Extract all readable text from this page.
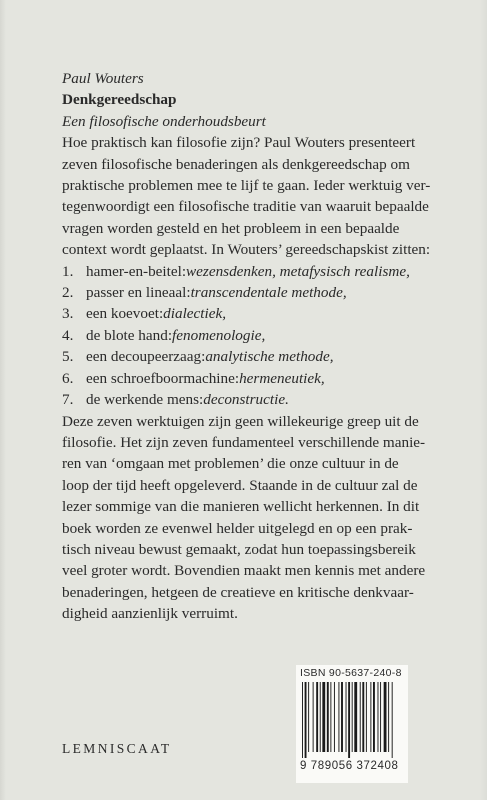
Paul Wouters
Denkgereedschap
Een filosofische onderhoudsbeurt
Hoe praktisch kan filosofie zijn? Paul Wouters presenteert
zeven filosofische benaderingen als denkgereedschap om
praktische problemen mee te lijf te gaan. Ieder werktuig ver-
tegenwoordigt een filosofische traditie van waaruit bepaalde
vragen worden gesteld en het probleem in een bepaalde
context wordt geplaatst. In Wouters’ gereedschapskist zitten:
1. hamer-en-beitel: wezensdenken, metafysisch realisme,
2. passer en lineaal: transcendentale methode,
3. een koevoet: dialectiek,
4. de blote hand: fenomenologie,
5. een decoupeerzaag: analytische methode,
6. een schroefboormachine: hermeneutiek,
7. de werkende mens: deconstructie.
Deze zeven werktuigen zijn geen willekeurige greep uit de
filosofie. Het zijn zeven fundamenteel verschillende manie-
ren van ‘omgaan met problemen’ die onze cultuur in de
loop der tijd heeft opgeleverd. Staande in de cultuur zal de
lezer sommige van die manieren wellicht herkennen. In dit
boek worden ze evenwel helder uitgelegd en op een prak-
tisch niveau bewust gemaakt, zodat hun toepassingsbereik
veel groter wordt. Bovendien maakt men kennis met andere
benaderingen, hetgeen de creatieve en kritische denkvaar-
digheid aanzienlijk verruimt.
LEMNISCAAT
ISBN 90-5637-240-8
9 789056 372408
